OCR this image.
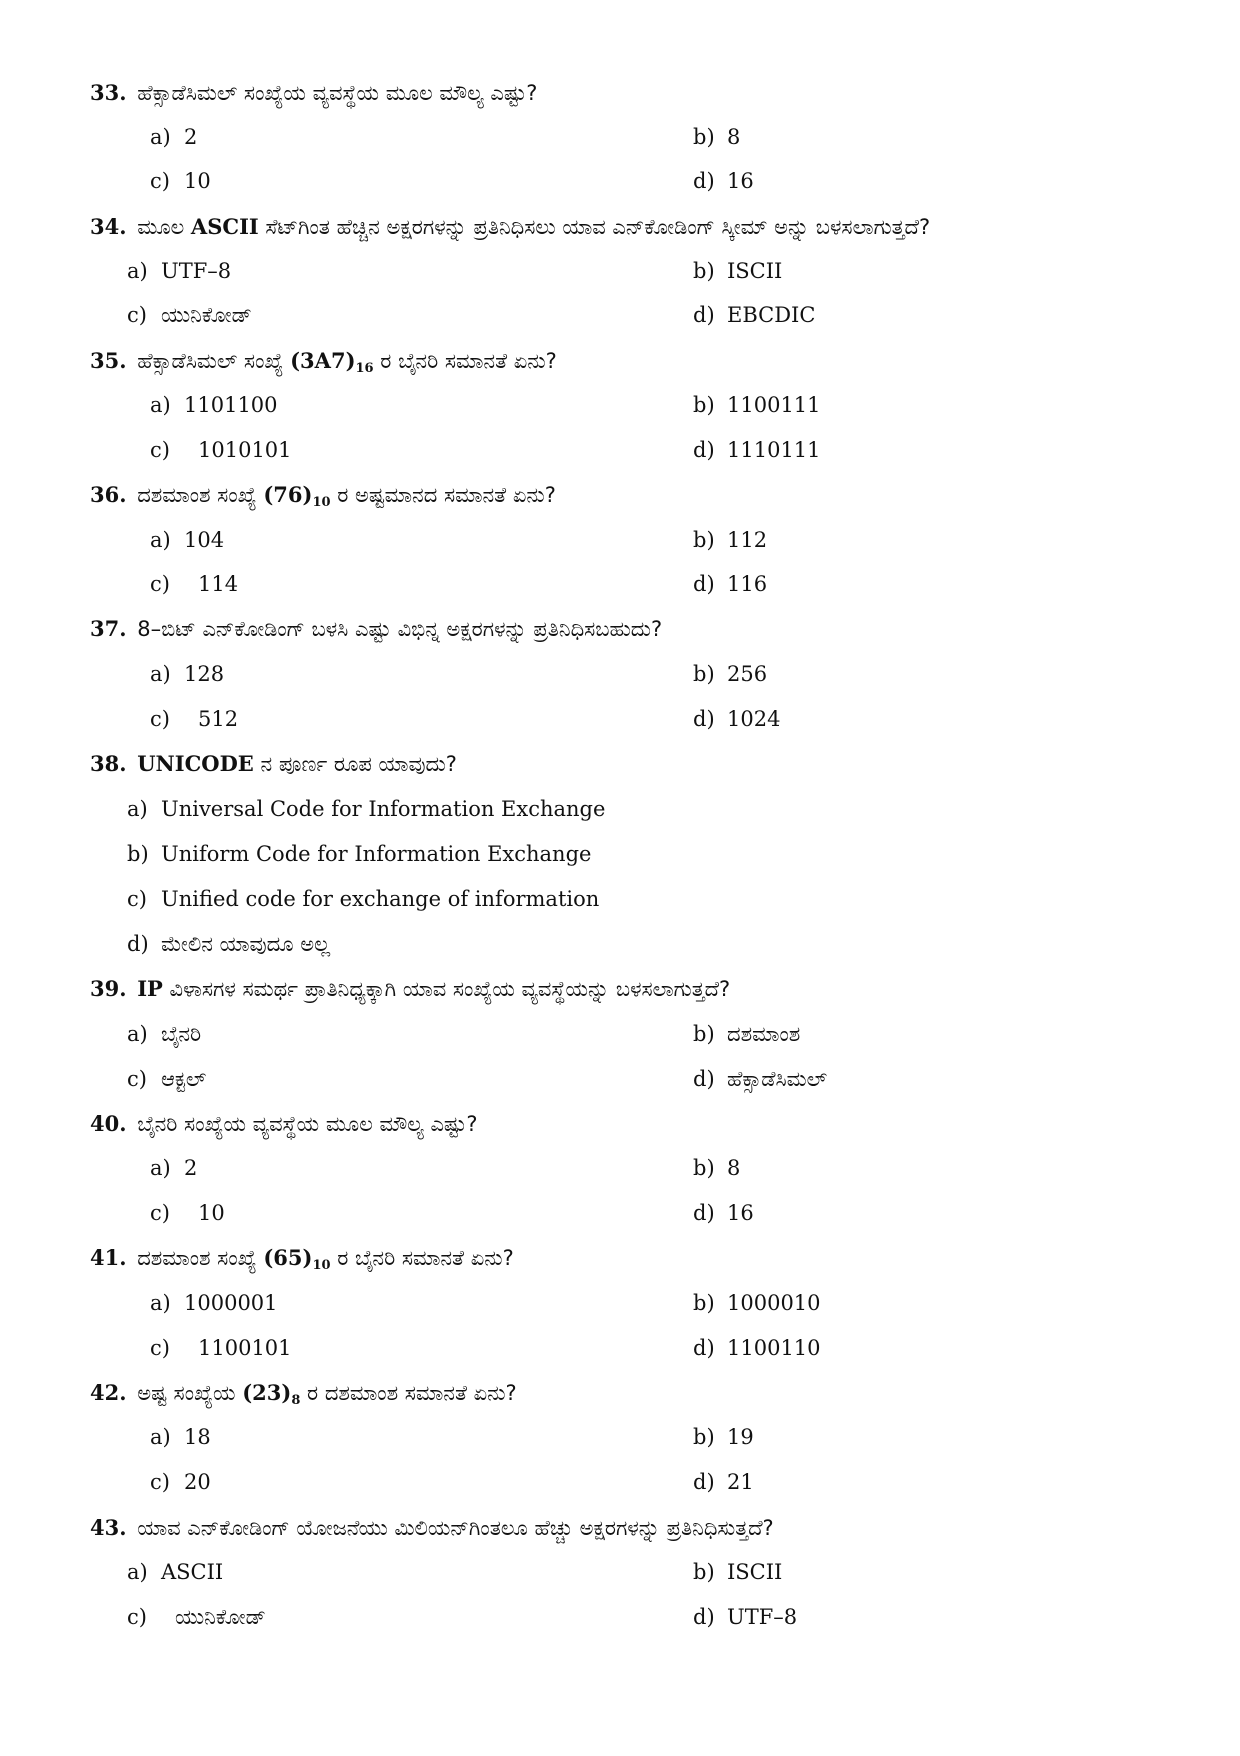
33. ಹೆಕ್ಸಾಡೆಸಿಮಲ್ ಸಂಖ್ಯೆಯ ವ್ಯವಸ್ಥೆಯ ಮೂಲ ಮೌಲ್ಯ ಎಷ್ಟು?
a) 2	b) 8
c) 10	d) 16
34. ಮೂಲ ASCII ಸೆಟ್‌ಗಿಂತ ಹೆಚ್ಚಿನ ಅಕ್ಷರಗಳನ್ನು ಪ್ರತಿನಿಧಿಸಲು ಯಾವ ಎನ್‌ಕೋಡಿಂಗ್ ಸ್ಕೀಮ್ ಅನ್ನು ಬಳಸಲಾಗುತ್ತದೆ?
a) UTF–8	b) ISCII
c) ಯುನಿಕೋಡ್	d) EBCDIC
35. ಹೆಕ್ಸಾಡೆಸಿಮಲ್ ಸಂಖ್ಯೆ $(3A7)_{16}$ ರ ಬೈನರಿ ಸಮಾನತೆ ಏನು?
a) 1101100	b) 1100111
c) 1010101	d) 1110111
36. ದಶಮಾಂಶ ಸಂಖ್ಯೆ $(76)_{10}$ ರ ಅಷ್ಟಮಾನದ ಸಮಾನತೆ ಏನು?
a) 104	b) 112
c) 114	d) 116
37. 8–ಬಿಟ್ ಎನ್‌ಕೋಡಿಂಗ್ ಬಳಸಿ ಎಷ್ಟು ವಿಭಿನ್ನ ಅಕ್ಷರಗಳನ್ನು ಪ್ರತಿನಿಧಿಸಬಹುದು?
a) 128	b) 256
c) 512	d) 1024
38. UNICODE ನ ಪೂರ್ಣ ರೂಪ ಯಾವುದು?
a) Universal Code for Information Exchange
b) Uniform Code for Information Exchange
c) Unified code for exchange of information
d) ಮೇಲಿನ ಯಾವುದೂ ಅಲ್ಲ
39. IP ವಿಳಾಸಗಳ ಸಮರ್ಥ ಪ್ರಾತಿನಿಧ್ಯಕ್ಕಾಗಿ ಯಾವ ಸಂಖ್ಯೆಯ ವ್ಯವಸ್ಥೆಯನ್ನು ಬಳಸಲಾಗುತ್ತದೆ?
a) ಬೈನರಿ	b) ದಶಮಾಂಶ
c) ಆಕ್ಟಲ್	d) ಹೆಕ್ಸಾಡೆಸಿಮಲ್
40. ಬೈನರಿ ಸಂಖ್ಯೆಯ ವ್ಯವಸ್ಥೆಯ ಮೂಲ ಮೌಲ್ಯ ಎಷ್ಟು?
a) 2	b) 8
c) 10	d) 16
41. ದಶಮಾಂಶ ಸಂಖ್ಯೆ $(65)_{10}$ ರ ಬೈನರಿ ಸಮಾನತೆ ಏನು?
a) 1000001	b) 1000010
c) 1100101	d) 1100110
42. ಅಷ್ಟ ಸಂಖ್ಯೆಯ $(23)_8$ ರ ದಶಮಾಂಶ ಸಮಾನತೆ ಏನು?
a) 18	b) 19
c) 20	d) 21
43. ಯಾವ ಎನ್‌ಕೋಡಿಂಗ್ ಯೋಜನೆಯು ಮಿಲಿಯನ್‌ಗಿಂತಲೂ ಹೆಚ್ಚು ಅಕ್ಷರಗಳನ್ನು ಪ್ರತಿನಿಧಿಸುತ್ತದೆ?
a) ASCII	b) ISCII
c) ಯುನಿಕೋಡ್	d) UTF–8
